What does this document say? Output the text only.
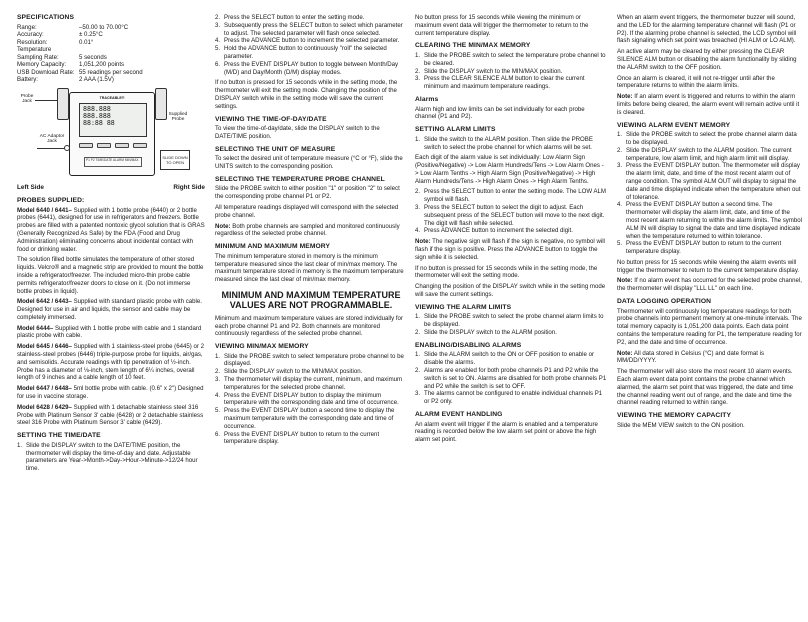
SPECIFICATIONS
Range:	–50.00 to 70.00°C
Accuracy:	± 0.25°C
Resolution:	0.01°
Temperature
Sampling Rate:	5 seconds
Memory Capacity:	1,051,200 points
USB Download Rate: 55 readings per second
Battery:	2 AAA (1.5V)
TRACEABLE®
888.888
888.888
88:88 88
P1 P2 TIME/DATE ALARM MIN/MAX
AC Adaptor Jack
Probe Jack
Supplied Probe
SLIDE DOWN TO OPEN
Left Side	Right Side
PROBES SUPPLIED:

Model 6440 / 6441– Supplied with 1 bottle probe (6440) or 2 bottle probes (6441), designed for use in refrigerators and freezers. Bottle probes are filled with a patented nontoxic glycol solution that is GRAS (Generally Recognized As Safe) by the FDA (Food and Drug Administration) eliminating concerns about incidental contact with food or drinking water.

The solution filled bottle simulates the temperature of other stored liquids. Velcro® and a magnetic strip are provided to mount the bottle inside a refrigerator/freezer. The included micro-thin probe cable permits refrigerator/freezer doors to close on it. (Do not immerse bottle probes in liquid).

Model 6442 / 6443– Supplied with standard plastic probe with cable. Designed for use in air and liquids, the sensor and cable may be completely immersed.

Model 6444– Supplied with 1 bottle probe with cable and 1 standard plastic probe with cable.

Model 6445 / 6446– Supplied with 1 stainless-steel probe (6445) or 2 stainless-steel probes (6446) triple-purpose probe for liquids, air/gas, and semisolids. Accurate readings with tip penetration of ½-inch. Probe has a diameter of ⅛-inch, stem length of 6¼ inches, overall length of 9 inches and a cable length of 10 feet.

Model 6447 / 6448– 5ml bottle probe with cable. (0.6" x 2") Designed for use in vaccine storage.

Model 6428 / 6429– Supplied with 1 detachable stainless steel 316 Probe with Platinum Sensor 3' cable (6428) or 2 detachable stainless steel 316 Probe with Platinum Sensor 3' cable (6429).

SETTING THE TIME/DATE
1. Slide the DISPLAY switch to the DATE/TIME position, the thermometer will display the time-of-day and date. Adjustable parameters are Year->Month->Day->Hour->Minute->12/24 hour time.
2. Press the SELECT button to enter the setting mode.
3. Subsequently press the SELECT button to select which parameter to adjust. The selected parameter will flash once selected.
4. Press the ADVANCE button to increment the selected parameter.
5. Hold the ADVANCE button to continuously "roll" the selected parameter.
6. Press the EVENT DISPLAY button to toggle between Month/Day (M/D) and Day/Month (D/M) display modes.

If no button is pressed for 15 seconds while in the setting mode, the thermometer will exit the setting mode. Changing the position of the DISPLAY switch while in the setting mode will save the current settings.

VIEWING THE TIME-OF-DAY/DATE

To view the time-of-day/date, slide the DISPLAY switch to the DATE/TIME position.

SELECTING THE UNIT OF MEASURE

To select the desired unit of temperature measure (°C or °F), slide the UNITS switch to the corresponding position.

SELECTING THE TEMPERATURE PROBE CHANNEL

Slide the PROBE switch to either position "1" or position "2" to select the corresponding probe channel P1 or P2.

All temperature readings displayed will correspond with the selected probe channel.

Note: Both probe channels are sampled and monitored continuously regardless of the selected probe channel.

MINIMUM AND MAXIMUM MEMORY

The minimum temperature stored in memory is the minimum temperature measured since the last clear of min/max memory. The maximum temperature stored in memory is the maximum temperature measured since the last clear of min/max memory.

MINIMUM AND MAXIMUM TEMPERATURE VALUES ARE NOT PROGRAMMABLE.

Minimum and maximum temperature values are stored individually for each probe channel P1 and P2. Both channels are monitored continuously regardless of the selected probe channel.

VIEWING MIN/MAX MEMORY
1. Slide the PROBE switch to select temperature probe channel to be displayed.
2. Slide the DISPLAY switch to the MIN/MAX position.
3. The thermometer will display the current, minimum, and maximum temperatures for the selected probe channel.
4. Press the EVENT DISPLAY button to display the minimum temperature with the corresponding date and time of occurrence.
5. Press the EVENT DISPLAY button a second time to display the maximum temperature with the corresponding date and time of occurrence.
6. Press the EVENT DISPLAY button to return to the current temperature display.

No button press for 15 seconds while viewing the minimum or maximum event data will trigger the thermometer to return to the current temperature display.

CLEARING THE MIN/MAX MEMORY
1. Slide the PROBE switch to select the temperature probe channel to be cleared.
2. Slide the DISPLAY switch to the MIN/MAX position.
3. Press the CLEAR SILENCE ALM button to clear the current minimum and maximum temperature readings.
Alarms

Alarm high and low limits can be set individually for each probe channel (P1 and P2).

SETTING ALARM LIMITS
1. Slide the switch to the ALARM position. Then slide the PROBE switch to select the probe channel for which alarms will be set.

Each digit of the alarm value is set individually: Low Alarm Sign (Positive/Negative) -> Low Alarm Hundreds/Tens -> Low Alarm Ones -> Low Alarm Tenths -> High Alarm Sign (Positive/Negative) -> High Alarm Hundreds/Tens -> High Alarm Ones -> High Alarm Tenths.

2. Press the SELECT button to enter the setting mode. The LOW ALM symbol will flash.
3. Press the SELECT button to select the digit to adjust. Each subsequent press of the SELECT button will move to the next digit. The digit will flash while selected.
4. Press ADVANCE button to increment the selected digit.

Note: The negative sign will flash if the sign is negative, no symbol will flash if the sign is positive. Press the ADVANCE button to toggle the sign while it is selected.

If no button is pressed for 15 seconds while in the setting mode, the thermometer will exit the setting mode.

Changing the position of the DISPLAY switch while in the setting mode will save the current settings.

VIEWING THE ALARM LIMITS
1. Slide the PROBE switch to select the probe channel alarm limits to be displayed.
2. Slide the DISPLAY switch to the ALARM position.
ENABLING/DISABLING ALARMS
1. Slide the ALARM switch to the ON or OFF position to enable or disable the alarms.
2. Alarms are enabled for both probe channels P1 and P2 while the switch is set to ON. Alarms are disabled for both probe channels P1 and P2 while the switch is set to OFF.
3. The alarms cannot be configured to enable individual channels P1 or P2 only.
ALARM EVENT HANDLING

An alarm event will trigger if the alarm is enabled and a temperature reading is recorded below the low alarm set point or above the high alarm set point.

When an alarm event triggers, the thermometer buzzer will sound, and the LED for the alarming temperature channel will flash (P1 or P2). If the alarming probe channel is selected, the LCD symbol will flash signaling which set point was breached (HI ALM or LO ALM).

An active alarm may be cleared by either pressing the CLEAR SILENCE ALM button or disabling the alarm functionality by sliding the ALARM switch to the OFF position.

Once an alarm is cleared, it will not re-trigger until after the temperature returns to within the alarm limits.

Note: If an alarm event is triggered and returns to within the alarm limits before being cleared, the alarm event will remain active until it is cleared.

VIEWING ALARM EVENT MEMORY
1. Slide the PROBE switch to select the probe channel alarm data to be displayed.
2. Slide the DISPLAY switch to the ALARM position. The current temperature, low alarm limit, and high alarm limit will display.
3. Press the EVENT DISPLAY button. The thermometer will display the alarm limit, date, and time of the most recent alarm out of range condition. The symbol ALM OUT will display to signal the date and time displayed indicate when the temperature when out of tolerance.
4. Press the EVENT DISPLAY button a second time. The thermometer will display the alarm limit, date, and time of the most recent alarm returning to within the alarm limits. The symbol ALM IN will display to signal the date and time displayed indicate when the temperature returned to within tolerance.
5. Press the EVENT DISPLAY button to return to the current temperature display.

No button press for 15 seconds while viewing the alarm events will trigger the thermometer to return to the current temperature display.

Note: If no alarm event has occurred for the selected probe channel, the thermometer will display "LLL LL" on each line.

DATA LOGGING OPERATION

Thermometer will continuously log temperature readings for both probe channels into permanent memory at one-minute intervals. The total memory capacity is 1,051,200 data points. Each data point contains the temperature reading for P1, the temperature reading for P2, and the date and time of occurrence.

Note: All data stored in Celsius (°C) and date format is MM/DD/YYYY.

The thermometer will also store the most recent 10 alarm events. Each alarm event data point contains the probe channel which alarmed, the alarm set point that was triggered, the date and time the channel reading went out of range, and the date and time the channel reading returned to within range.

VIEWING THE MEMORY CAPACITY

Slide the MEM VIEW switch to the ON position.
